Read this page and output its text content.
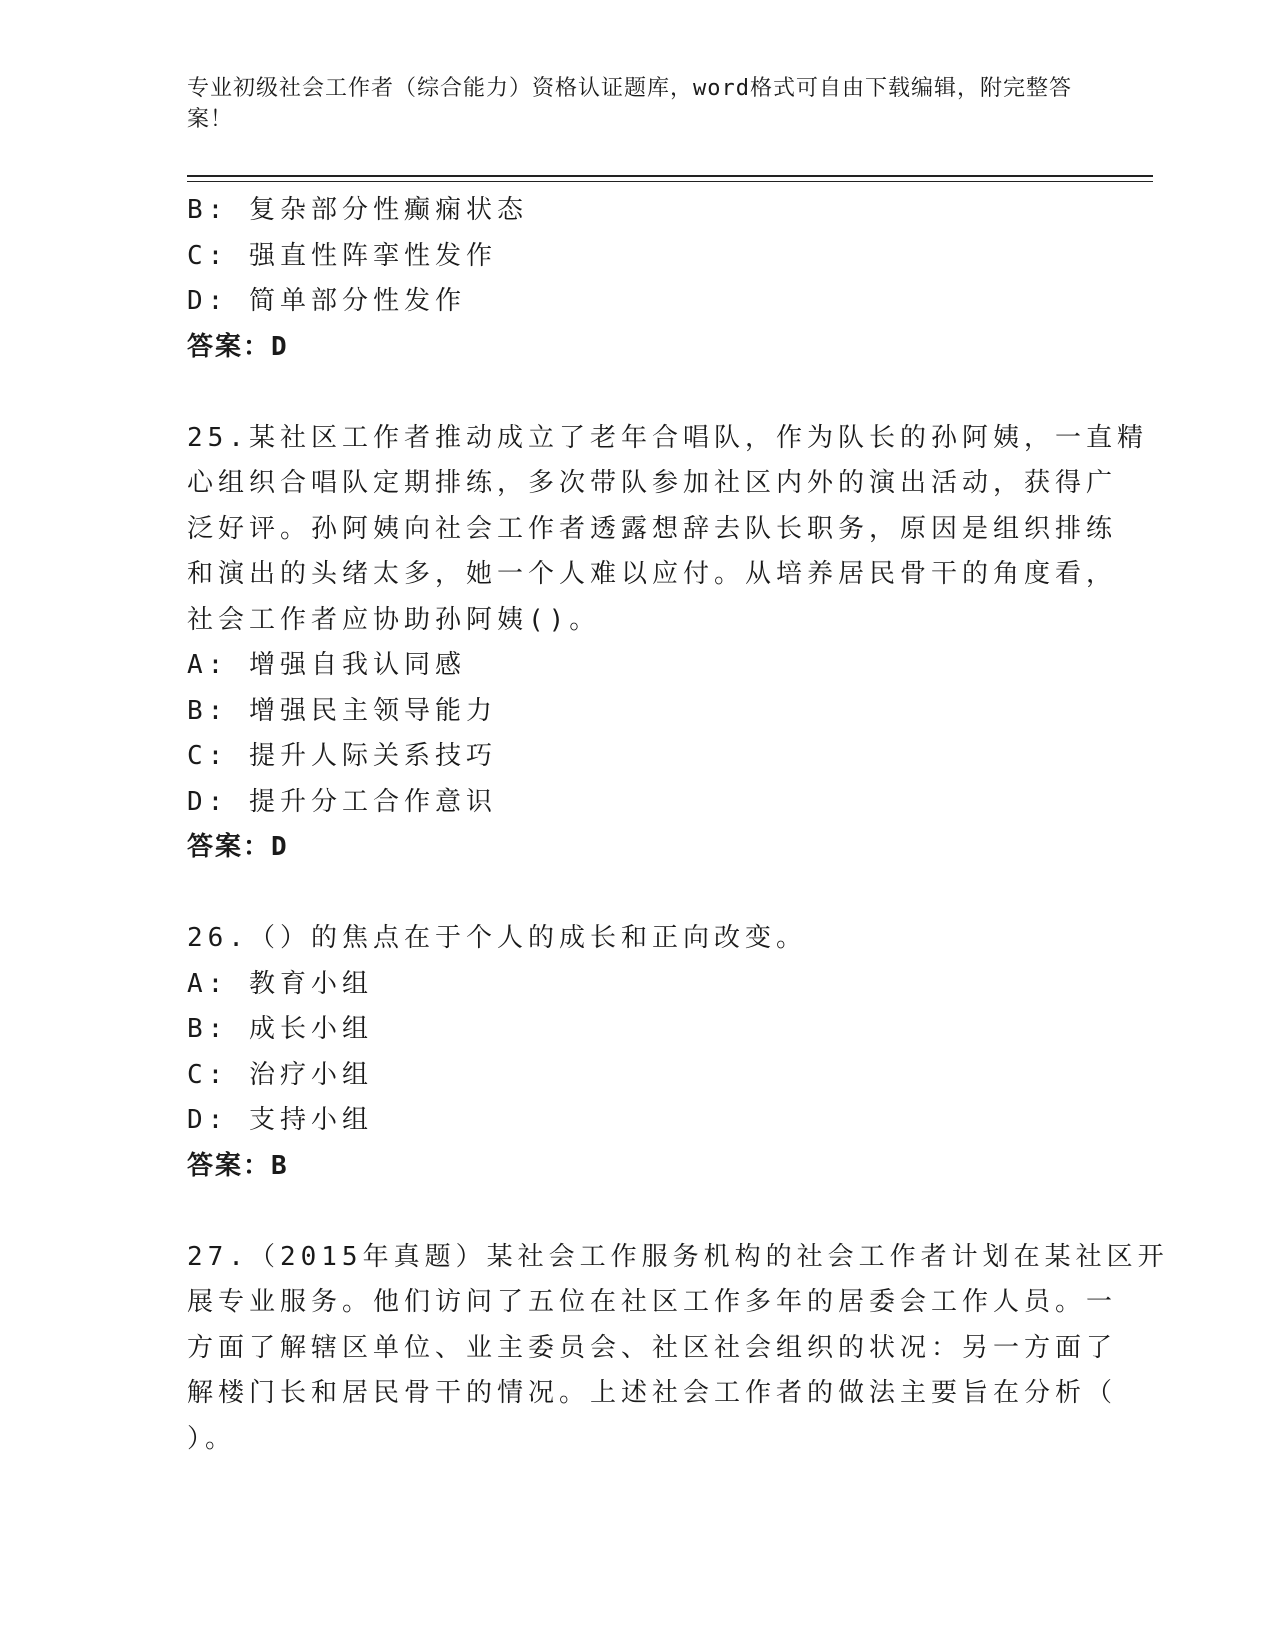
专业初级社会工作者（综合能力）资格认证题库，word格式可自由下载编辑，附完整答案！
B: 复杂部分性癫痫状态
C: 强直性阵挛性发作
D: 简单部分性发作
答案：D
25.某社区工作者推动成立了老年合唱队，作为队长的孙阿姨，一直精
心组织合唱队定期排练，多次带队参加社区内外的演出活动，获得广
泛好评。孙阿姨向社会工作者透露想辞去队长职务，原因是组织排练
和演出的头绪太多，她一个人难以应付。从培养居民骨干的角度看，
社会工作者应协助孙阿姨()。
A: 增强自我认同感
B: 增强民主领导能力
C: 提升人际关系技巧
D: 提升分工合作意识
答案：D
26.（）的焦点在于个人的成长和正向改变。
A: 教育小组
B: 成长小组
C: 治疗小组
D: 支持小组
答案：B
27.（2015年真题）某社会工作服务机构的社会工作者计划在某社区开
展专业服务。他们访问了五位在社区工作多年的居委会工作人员。一
方面了解辖区单位、业主委员会、社区社会组织的状况：另一方面了
解楼门长和居民骨干的情况。上述社会工作者的做法主要旨在分析（
）。
